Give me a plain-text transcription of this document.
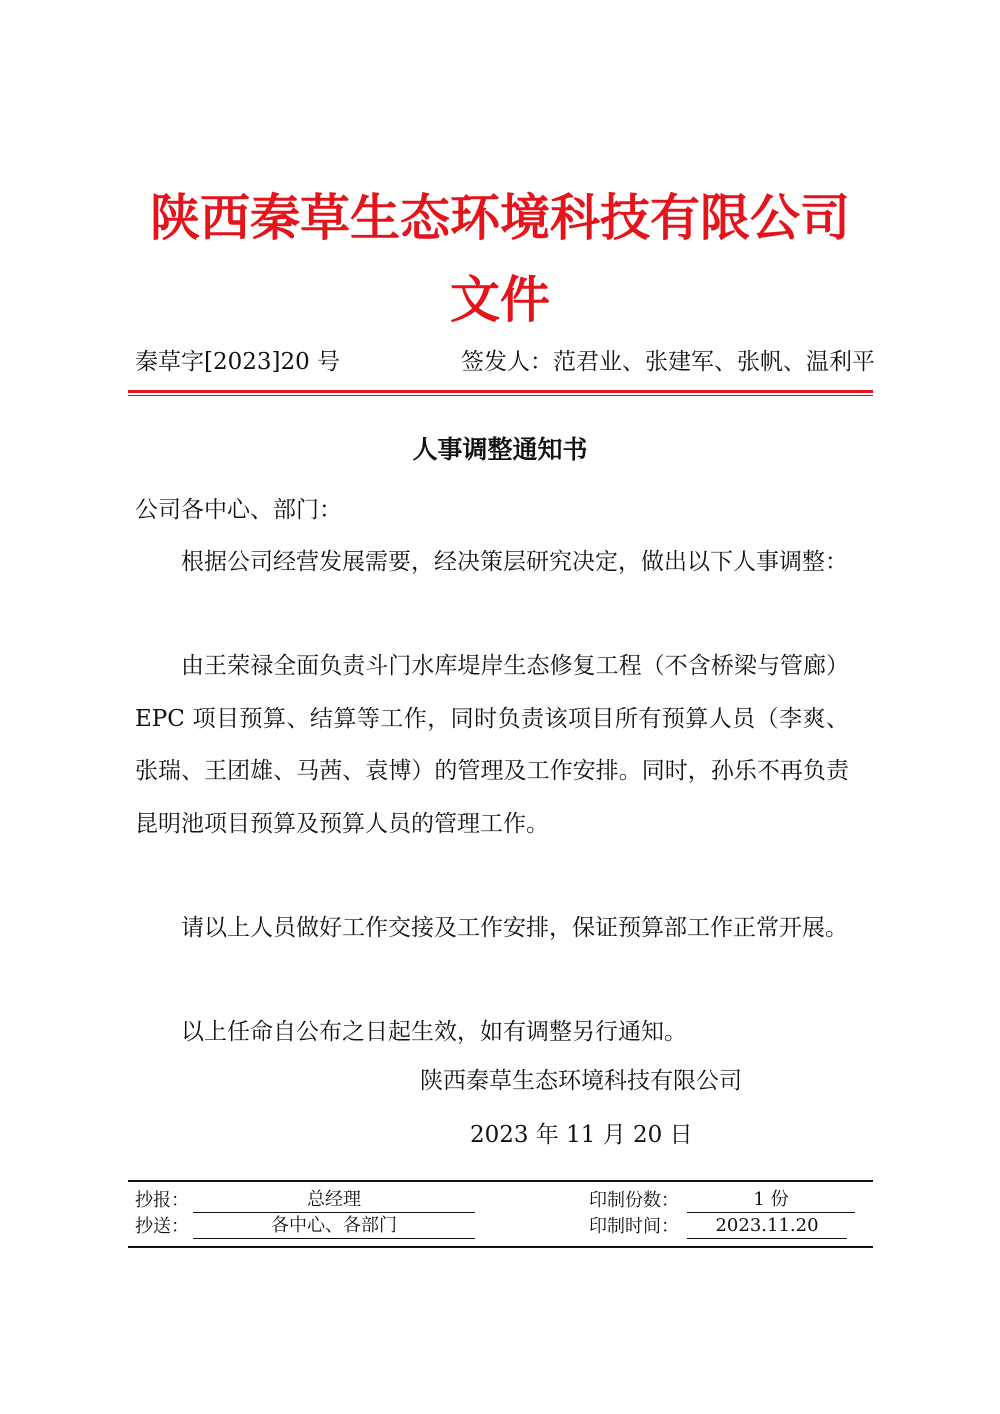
陕西秦草生态环境科技有限公司
文件
秦草字[2023]20 号	签发人：范君业、张建军、张帆、温利平
人事调整通知书
公司各中心、部门：
根据公司经营发展需要，经决策层研究决定，做出以下人事调整：
由王荣禄全面负责斗门水库堤岸生态修复工程（不含桥梁与管廊）EPC 项目预算、结算等工作，同时负责该项目所有预算人员（李爽、张瑞、王团雄、马茜、袁博）的管理及工作安排。同时，孙乐不再负责昆明池项目预算及预算人员的管理工作。
请以上人员做好工作交接及工作安排，保证预算部工作正常开展。
以上任命自公布之日起生效，如有调整另行通知。
陕西秦草生态环境科技有限公司
2023 年 11 月 20 日
抄报：	总经理	印制份数：	1 份
抄送：	各中心、各部门	印制时间：	2023.11.20
